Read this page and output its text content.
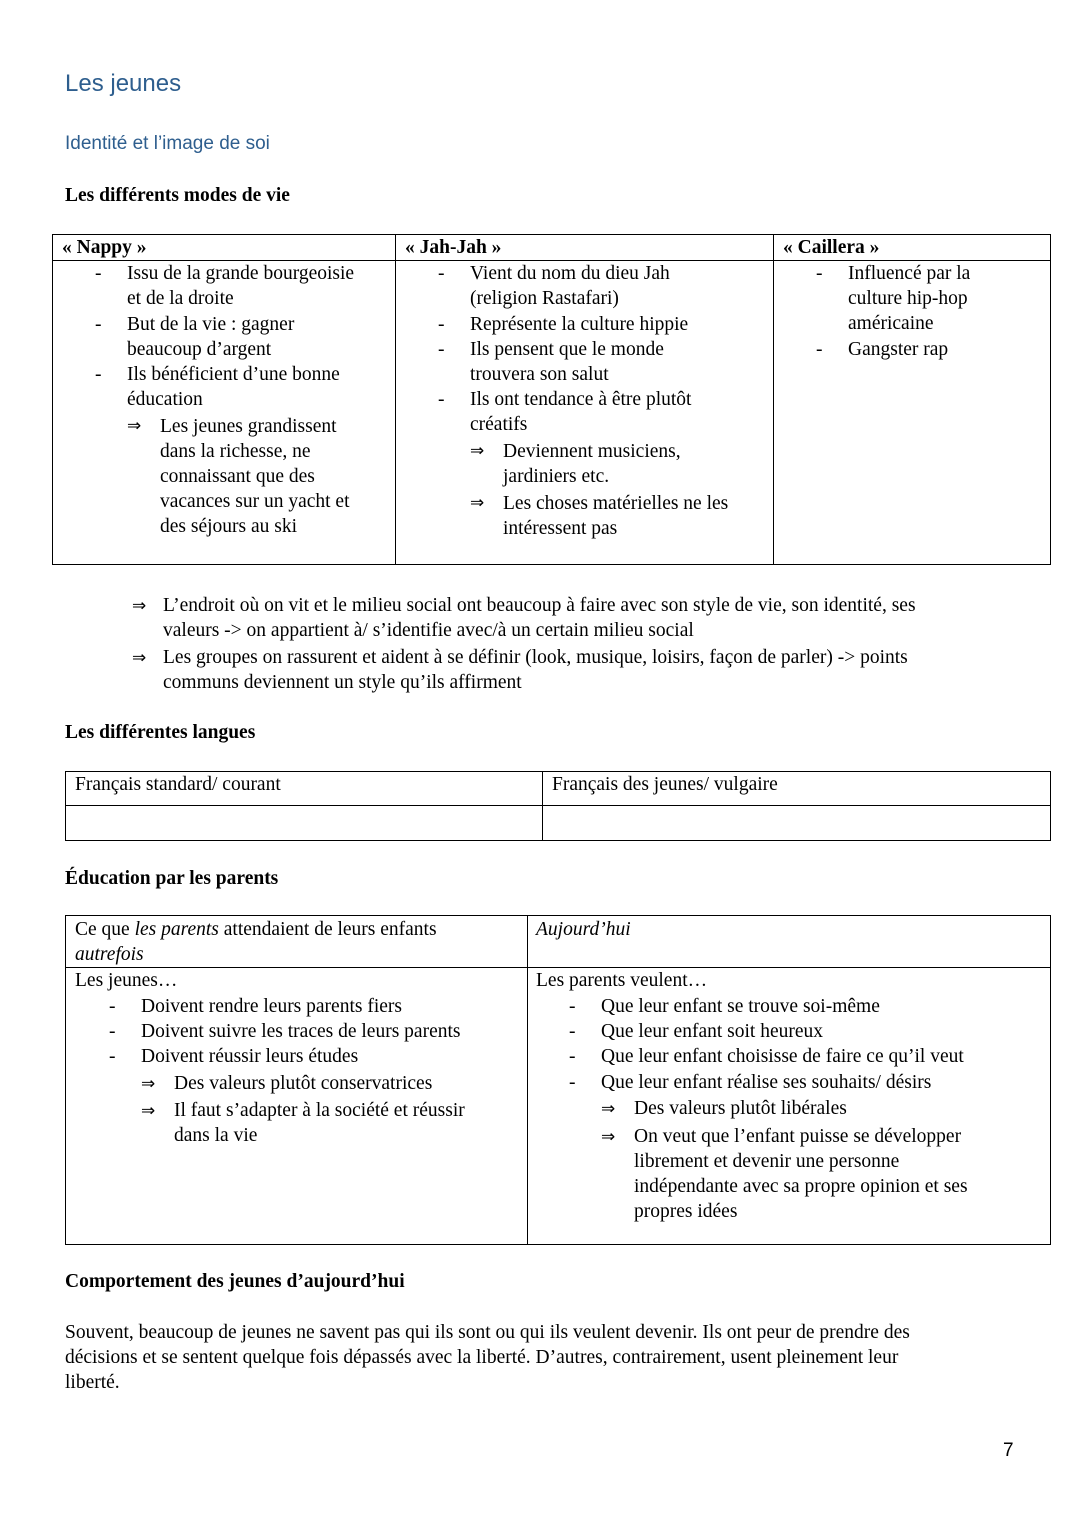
Les jeunes
Identité et l’image de soi
Les différents modes de vie
« Nappy »
- Issu de la grande bourgeoisie
et de la droite
- But de la vie : gagner
beaucoup d’argent
- Ils bénéficient d’une bonne
éducation
⇒ Les jeunes grandissent
dans la richesse, ne
connaissant que des
vacances sur un yacht et
des séjours au ski
« Jah-Jah »
- Vient du nom du dieu Jah
(religion Rastafari)
- Représente la culture hippie
- Ils pensent que le monde
trouvera son salut
- Ils ont tendance à être plutôt
créatifs
⇒ Deviennent musiciens,
jardiniers etc.
⇒ Les choses matérielles ne les
intéressent pas
« Caillera »
- Influencé par la
culture hip-hop
américaine
- Gangster rap
⇒ L’endroit où on vit et le milieu social ont beaucoup à faire avec son style de vie, son identité, ses
valeurs -> on appartient à/ s’identifie avec/à un certain milieu social
⇒ Les groupes on rassurent et aident à se définir (look, musique, loisirs, façon de parler) -> points
communs deviennent un style qu’ils affirment
Les différentes langues
Français standard/ courant	Français des jeunes/ vulgaire
Éducation par les parents
Ce que les parents attendaient de leurs enfants
autrefois
Aujourd’hui
Les jeunes…
- Doivent rendre leurs parents fiers
- Doivent suivre les traces de leurs parents
- Doivent réussir leurs études
⇒ Des valeurs plutôt conservatrices
⇒ Il faut s’adapter à la société et réussir
dans la vie
Les parents veulent…
- Que leur enfant se trouve soi-même
- Que leur enfant soit heureux
- Que leur enfant choisisse de faire ce qu’il veut
- Que leur enfant réalise ses souhaits/ désirs
⇒ Des valeurs plutôt libérales
⇒ On veut que l’enfant puisse se développer
librement et devenir une personne
indépendante avec sa propre opinion et ses
propres idées
Comportement des jeunes d’aujourd’hui
Souvent, beaucoup de jeunes ne savent pas qui ils sont ou qui ils veulent devenir. Ils ont peur de prendre des
décisions et se sentent quelque fois dépassés avec la liberté. D’autres, contrairement, usent pleinement leur
liberté.
7
